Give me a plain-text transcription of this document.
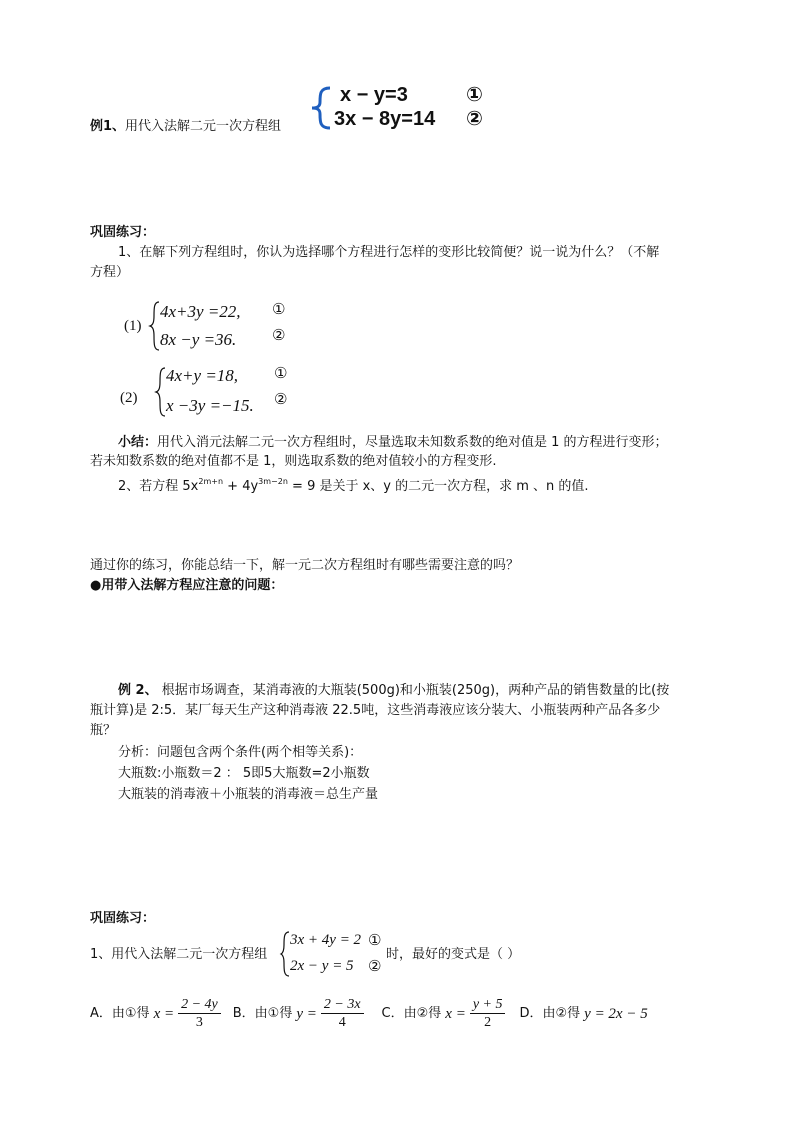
例1、用代入法解二元一次方程组
x − y=3	①
3x − 8y=14 ②
巩固练习：
1、在解下列方程组时，你认为选择哪个方程进行怎样的变形比较简便？说一说为什么？（不解
方程）
(1)
4x+3y =22,
8x −y =36.
①
②
(2)
4x+y =18,
x −3y =−15.
①
②
小结：用代入消元法解二元一次方程组时，尽量选取未知数系数的绝对值是 1 的方程进行变形；
若未知数系数的绝对值都不是 1，则选取系数的绝对值较小的方程变形.
2、若方程 $5x^{2m+n} + 4y^{3m-2n} = 9$ 是关于 x、y 的二元一次方程，求 m 、n 的值.
通过你的练习，你能总结一下，解一元二次方程组时有哪些需要注意的吗？
●用带入法解方程应注意的问题：
例 2、 根据市场调查，某消毒液的大瓶装(500g)和小瓶装(250g)，两种产品的销售数量的比(按
瓶计算)是 2:5．某厂每天生产这种消毒液 22.5吨，这些消毒液应该分装大、小瓶装两种产品各多少
瓶？
分析：问题包含两个条件(两个相等关系)：
大瓶数:小瓶数＝2 ： 5即5大瓶数=2小瓶数
大瓶装的消毒液＋小瓶装的消毒液＝总生产量
巩固练习：
1、用代入法解二元一次方程组
3x + 4y = 2
2x − y = 5
①
②
时，最好的变式是（ ）
A．由①得 $x = \frac{2 - 4y}{3}$ B．由①得 $y = \frac{2 - 3x}{4}$ C．由②得 $x = \frac{y + 5}{2}$ D．由②得 y = 2x − 5
